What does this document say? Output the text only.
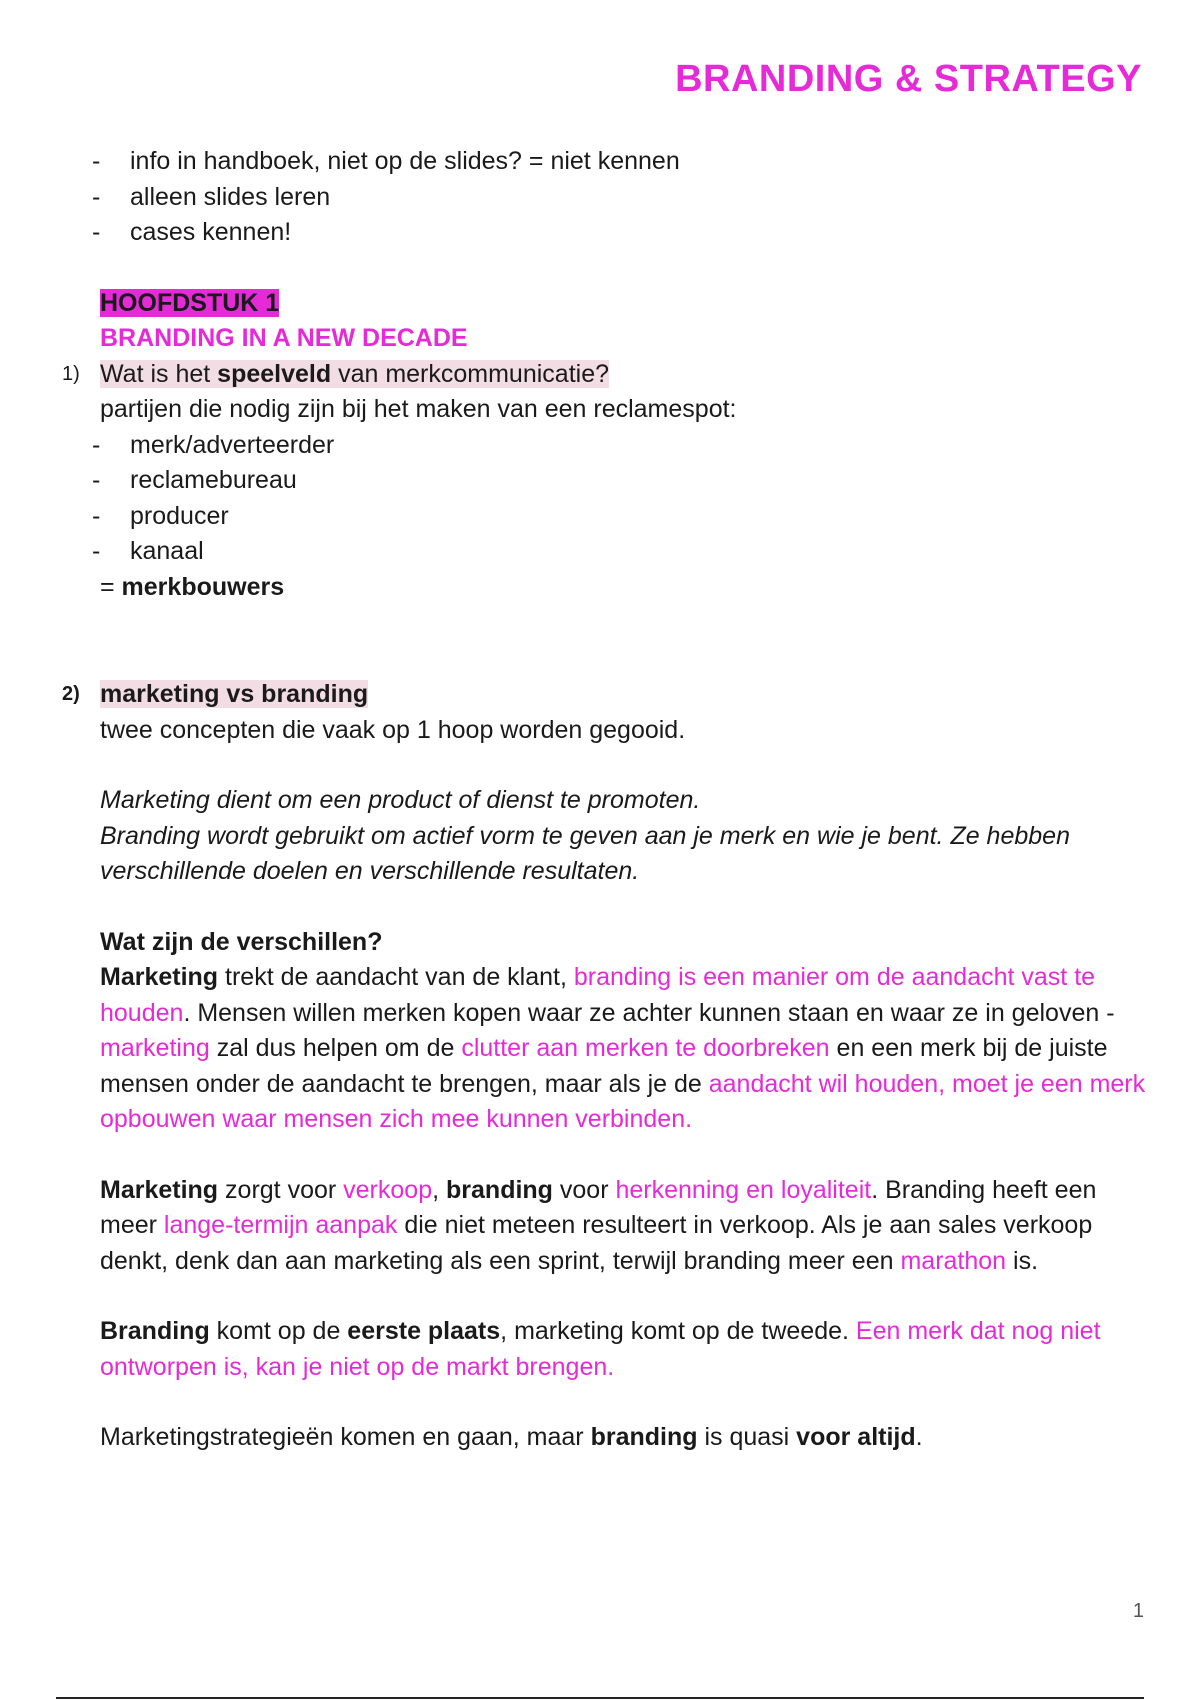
BRANDING & STRATEGY
- info in handboek, niet op de slides? = niet kennen
- alleen slides leren
- cases kennen!
HOOFDSTUK 1
BRANDING IN A NEW DECADE
1) Wat is het speelveld van merkcommunicatie?
partijen die nodig zijn bij het maken van een reclamespot:
- merk/adverteerder
- reclamebureau
- producer
- kanaal
= merkbouwers
2) marketing vs branding
twee concepten die vaak op 1 hoop worden gegooid.
Marketing dient om een product of dienst te promoten.
Branding wordt gebruikt om actief vorm te geven aan je merk en wie je bent. Ze hebben verschillende doelen en verschillende resultaten.
Wat zijn de verschillen?
Marketing trekt de aandacht van de klant, branding is een manier om de aandacht vast te houden. Mensen willen merken kopen waar ze achter kunnen staan en waar ze in geloven - marketing zal dus helpen om de clutter aan merken te doorbreken en een merk bij de juiste mensen onder de aandacht te brengen, maar als je de aandacht wil houden, moet je een merk opbouwen waar mensen zich mee kunnen verbinden.
Marketing zorgt voor verkoop, branding voor herkenning en loyaliteit. Branding heeft een meer lange-termijn aanpak die niet meteen resulteert in verkoop. Als je aan sales verkoop denkt, denk dan aan marketing als een sprint, terwijl branding meer een marathon is.
Branding komt op de eerste plaats, marketing komt op de tweede. Een merk dat nog niet ontworpen is, kan je niet op de markt brengen.
Marketingstrategieën komen en gaan, maar branding is quasi voor altijd.
1
